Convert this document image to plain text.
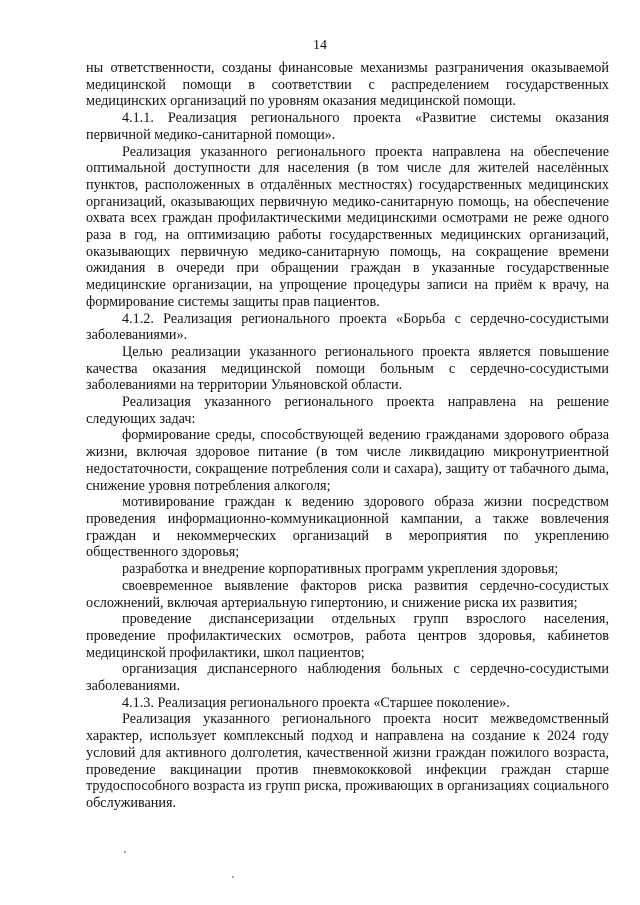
14

ны ответственности, созданы финансовые механизмы разграничения оказываемой медицинской помощи в соответствии с распределением государственных медицинских организаций по уровням оказания медицинской помощи.

4.1.1. Реализация регионального проекта «Развитие системы оказания первичной медико-санитарной помощи».

Реализация указанного регионального проекта направлена на обеспечение оптимальной доступности для населения (в том числе для жителей населённых пунктов, расположенных в отдалённых местностях) государственных медицинских организаций, оказывающих первичную медико-санитарную помощь, на обеспечение охвата всех граждан профилактическими медицинскими осмотрами не реже одного раза в год, на оптимизацию работы государственных медицинских организаций, оказывающих первичную медико-санитарную помощь, на сокращение времени ожидания в очереди при обращении граждан в указанные государственные медицинские организации, на упрощение процедуры записи на приём к врачу, на формирование системы защиты прав пациентов.

4.1.2. Реализация регионального проекта «Борьба с сердечно-сосудистыми заболеваниями».

Целью реализации указанного регионального проекта является повышение качества оказания медицинской помощи больным с сердечно-сосудистыми заболеваниями на территории Ульяновской области.

Реализация указанного регионального проекта направлена на решение следующих задач:

формирование среды, способствующей ведению гражданами здорового образа жизни, включая здоровое питание (в том числе ликвидацию микронутриентной недостаточности, сокращение потребления соли и сахара), защиту от табачного дыма, снижение уровня потребления алкоголя;

мотивирование граждан к ведению здорового образа жизни посредством проведения информационно-коммуникационной кампании, а также вовлечения граждан и некоммерческих организаций в мероприятия по укреплению общественного здоровья;

разработка и внедрение корпоративных программ укрепления здоровья;

своевременное выявление факторов риска развития сердечно-сосудистых осложнений, включая артериальную гипертонию, и снижение риска их развития;

проведение диспансеризации отдельных групп взрослого населения, проведение профилактических осмотров, работа центров здоровья, кабинетов медицинской профилактики, школ пациентов;

организация диспансерного наблюдения больных с сердечно-сосудистыми заболеваниями.

4.1.3. Реализация регионального проекта «Старшее поколение».

Реализация указанного регионального проекта носит межведомственный характер, использует комплексный подход и направлена на создание к 2024 году условий для активного долголетия, качественной жизни граждан пожилого возраста, проведение вакцинации против пневмококковой инфекции граждан старше трудоспособного возраста из групп риска, проживающих в организациях социального обслуживания.
